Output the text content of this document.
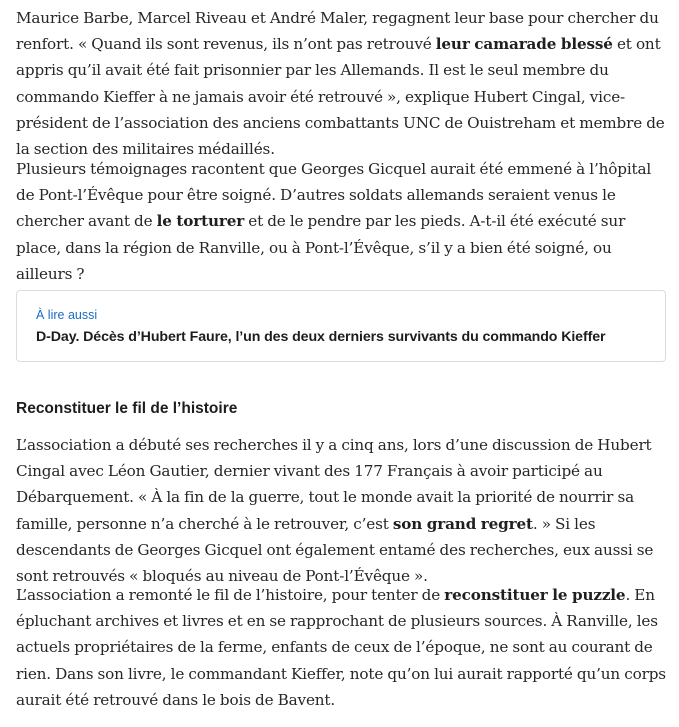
Maurice Barbe, Marcel Riveau et André Maler, regagnent leur base pour chercher du renfort. « Quand ils sont revenus, ils n’ont pas retrouvé leur camarade blessé et ont appris qu’il avait été fait prisonnier par les Allemands. Il est le seul membre du commando Kieffer à ne jamais avoir été retrouvé », explique Hubert Cingal, vice-président de l’association des anciens combattants UNC de Ouistreham et membre de la section des militaires médaillés.

Plusieurs témoignages racontent que Georges Gicquel aurait été emmené à l’hôpital de Pont-l’Évêque pour être soigné. D’autres soldats allemands seraient venus le chercher avant de le torturer et de le pendre par les pieds. A-t-il été exécuté sur place, dans la région de Ranville, ou à Pont-l’Évêque, s’il y a bien été soigné, ou ailleurs ?

À lire aussi
D-Day. Décès d’Hubert Faure, l’un des deux derniers survivants du commando Kieffer
Reconstituer le fil de l’histoire

L’association a débuté ses recherches il y a cinq ans, lors d’une discussion de Hubert Cingal avec Léon Gautier, dernier vivant des 177 Français à avoir participé au Débarquement. « À la fin de la guerre, tout le monde avait la priorité de nourrir sa famille, personne n’a cherché à le retrouver, c’est son grand regret. » Si les descendants de Georges Gicquel ont également entamé des recherches, eux aussi se sont retrouvés « bloqués au niveau de Pont-l’Évêque ».

L’association a remonté le fil de l’histoire, pour tenter de reconstituer le puzzle. En épluchant archives et livres et en se rapprochant de plusieurs sources. À Ranville, les actuels propriétaires de la ferme, enfants de ceux de l’époque, ne sont au courant de rien. Dans son livre, le commandant Kieffer, note qu’on lui aurait rapporté qu’un corps aurait été retrouvé dans le bois de Bavent.
